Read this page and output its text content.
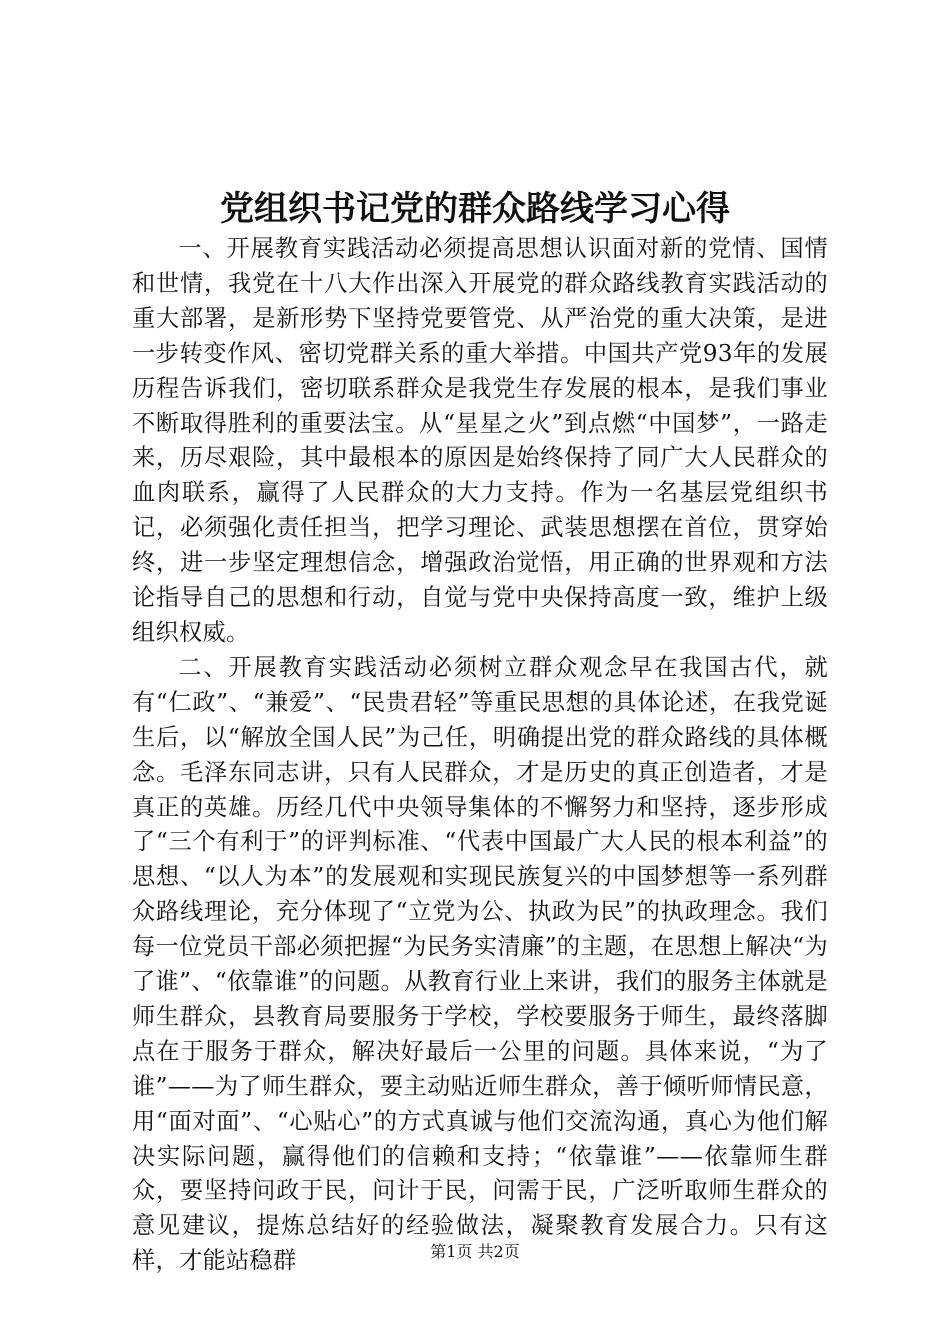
党组织书记党的群众路线学习心得

一、开展教育实践活动必须提高思想认识面对新的党情、国情和世情，我党在十八大作出深入开展党的群众路线教育实践活动的重大部署，是新形势下坚持党要管党、从严治党的重大决策，是进一步转变作风、密切党群关系的重大举措。中国共产党93年的发展历程告诉我们，密切联系群众是我党生存发展的根本，是我们事业不断取得胜利的重要法宝。从“星星之火”到点燃“中国梦”，一路走来，历尽艰险，其中最根本的原因是始终保持了同广大人民群众的血肉联系，赢得了人民群众的大力支持。作为一名基层党组织书记，必须强化责任担当，把学习理论、武装思想摆在首位，贯穿始终，进一步坚定理想信念，增强政治觉悟，用正确的世界观和方法论指导自己的思想和行动，自觉与党中央保持高度一致，维护上级组织权威。

二、开展教育实践活动必须树立群众观念早在我国古代，就有“仁政”、“兼爱”、“民贵君轻”等重民思想的具体论述，在我党诞生后，以“解放全国人民”为己任，明确提出党的群众路线的具体概念。毛泽东同志讲，只有人民群众，才是历史的真正创造者，才是真正的英雄。历经几代中央领导集体的不懈努力和坚持，逐步形成了“三个有利于”的评判标准、“代表中国最广大人民的根本利益”的思想、“以人为本”的发展观和实现民族复兴的中国梦想等一系列群众路线理论，充分体现了“立党为公、执政为民”的执政理念。我们每一位党员干部必须把握“为民务实清廉”的主题，在思想上解决“为了谁”、“依靠谁”的问题。从教育行业上来讲，我们的服务主体就是师生群众，县教育局要服务于学校，学校要服务于师生，最终落脚点在于服务于群众，解决好最后一公里的问题。具体来说，“为了谁”——为了师生群众，要主动贴近师生群众，善于倾听师情民意，用“面对面”、“心贴心”的方式真诚与他们交流沟通，真心为他们解决实际问题，赢得他们的信赖和支持；“依靠谁”——依靠师生群众，要坚持问政于民，问计于民，问需于民，广泛听取师生群众的意见建议，提炼总结好的经验做法，凝聚教育发展合力。只有这样，才能站稳群	第1页 共2页
